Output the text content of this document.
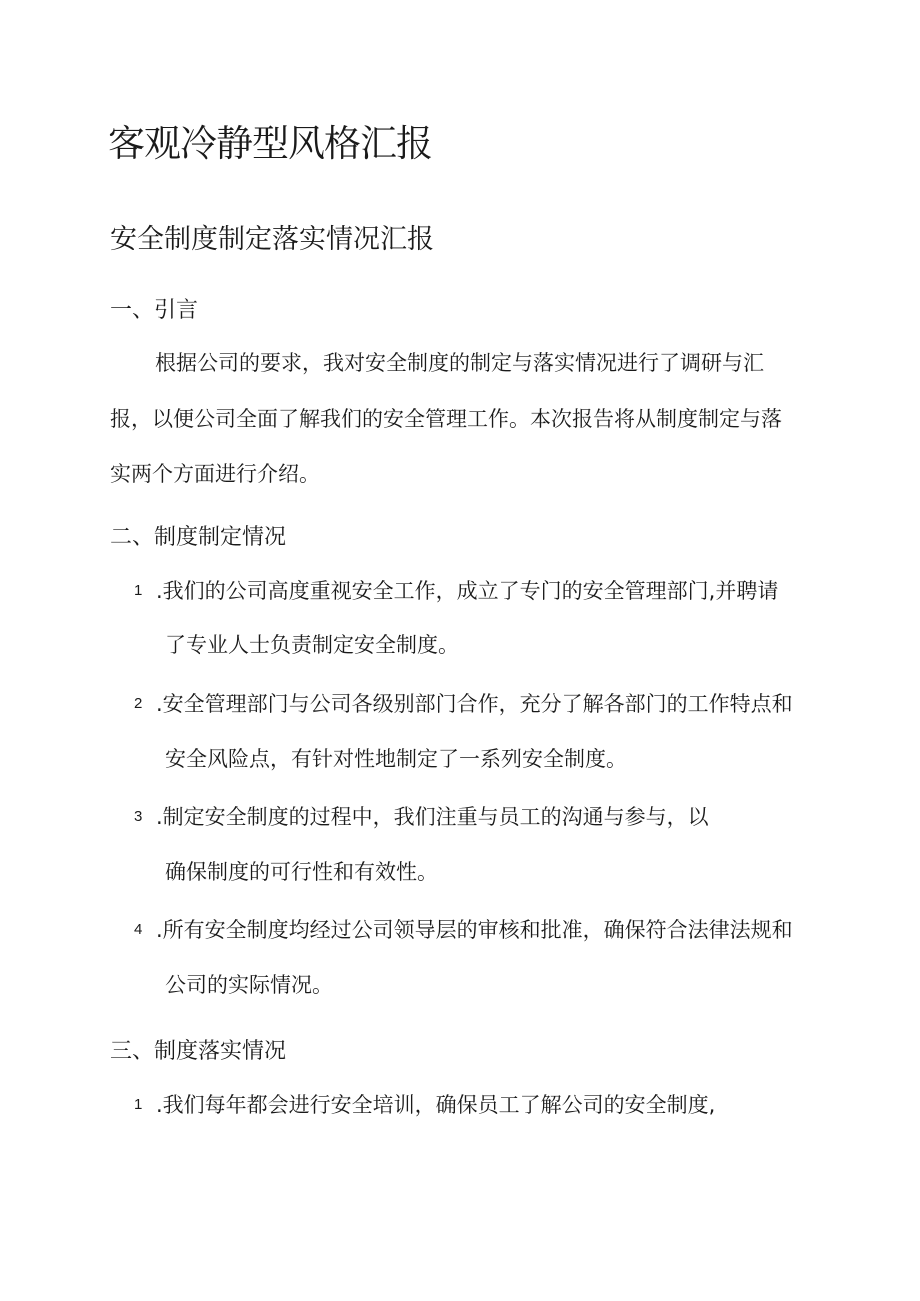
客观冷静型风格汇报
安全制度制定落实情况汇报
一、引言
根据公司的要求，我对安全制度的制定与落实情况进行了调研与汇
报，以便公司全面了解我们的安全管理工作。本次报告将从制度制定与落
实两个方面进行介绍。
二、制度制定情况
1 .我们的公司高度重视安全工作，成立了专门的安全管理部门,并聘请
了专业人士负责制定安全制度。
2 .安全管理部门与公司各级别部门合作，充分了解各部门的工作特点和
安全风险点，有针对性地制定了一系列安全制度。
3 .制定安全制度的过程中，我们注重与员工的沟通与参与，以
确保制度的可行性和有效性。
4 .所有安全制度均经过公司领导层的审核和批准，确保符合法律法规和
公司的实际情况。
三、制度落实情况
1 .我们每年都会进行安全培训，确保员工了解公司的安全制度,
